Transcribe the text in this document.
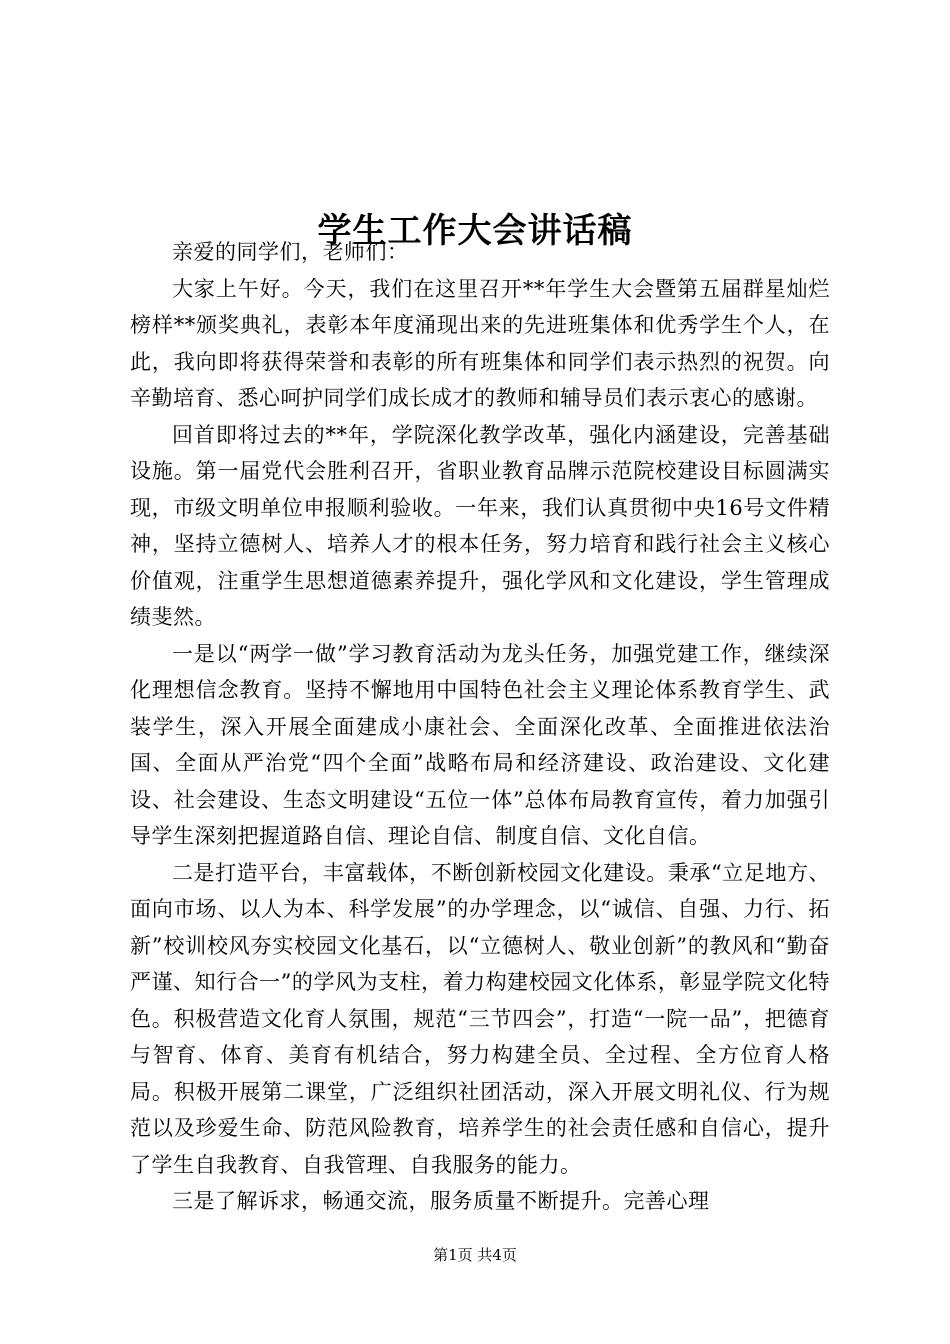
学生工作大会讲话稿

亲爱的同学们，老师们：

大家上午好。今天，我们在这里召开**年学生大会暨第五届群星灿烂榜样**颁奖典礼，表彰本年度涌现出来的先进班集体和优秀学生个人，在此，我向即将获得荣誉和表彰的所有班集体和同学们表示热烈的祝贺。向辛勤培育、悉心呵护同学们成长成才的教师和辅导员们表示衷心的感谢。

回首即将过去的**年，学院深化教学改革，强化内涵建设，完善基础设施。第一届党代会胜利召开，省职业教育品牌示范院校建设目标圆满实现，市级文明单位申报顺利验收。一年来，我们认真贯彻中央16号文件精神，坚持立德树人、培养人才的根本任务，努力培育和践行社会主义核心价值观，注重学生思想道德素养提升，强化学风和文化建设，学生管理成绩斐然。

一是以“两学一做”学习教育活动为龙头任务，加强党建工作，继续深化理想信念教育。坚持不懈地用中国特色社会主义理论体系教育学生、武装学生，深入开展全面建成小康社会、全面深化改革、全面推进依法治国、全面从严治党“四个全面”战略布局和经济建设、政治建设、文化建设、社会建设、生态文明建设“五位一体”总体布局教育宣传，着力加强引导学生深刻把握道路自信、理论自信、制度自信、文化自信。

二是打造平台，丰富载体，不断创新校园文化建设。秉承“立足地方、面向市场、以人为本、科学发展”的办学理念，以“诚信、自强、力行、拓新”校训校风夯实校园文化基石，以“立德树人、敬业创新”的教风和“勤奋严谨、知行合一”的学风为支柱，着力构建校园文化体系，彰显学院文化特色。积极营造文化育人氛围，规范“三节四会”，打造“一院一品”，把德育与智育、体育、美育有机结合，努力构建全员、全过程、全方位育人格局。积极开展第二课堂，广泛组织社团活动，深入开展文明礼仪、行为规范以及珍爱生命、防范风险教育，培养学生的社会责任感和自信心，提升了学生自我教育、自我管理、自我服务的能力。

三是了解诉求，畅通交流，服务质量不断提升。完善心理

第1页 共4页
